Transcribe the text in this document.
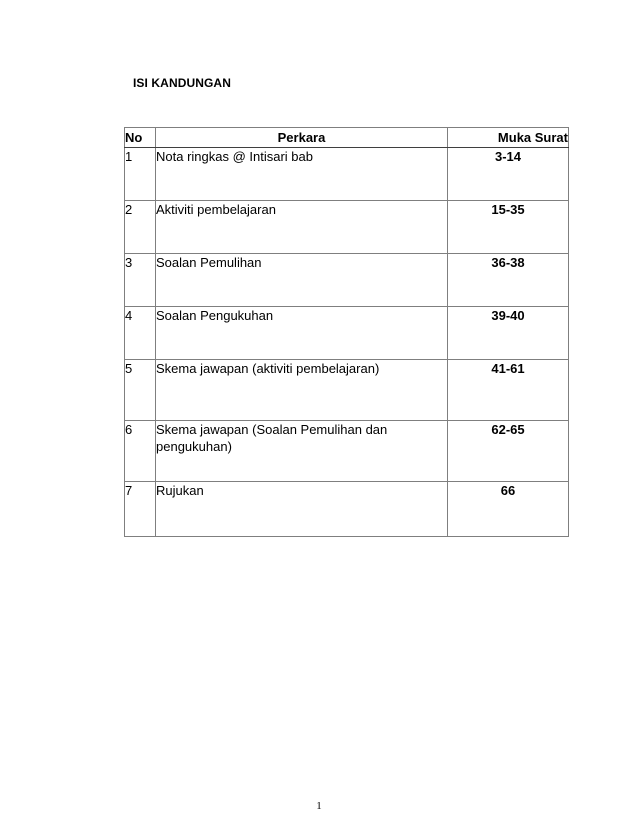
ISI KANDUNGAN
No	Perkara	Muka Surat
1	Nota ringkas @ Intisari bab	3-14
2	Aktiviti pembelajaran	15-35
3	Soalan Pemulihan	36-38
4	Soalan Pengukuhan	39-40
5	Skema jawapan (aktiviti pembelajaran)	41-61
6	Skema jawapan (Soalan Pemulihan dan pengukuhan)	62-65
7	Rujukan	66
1
